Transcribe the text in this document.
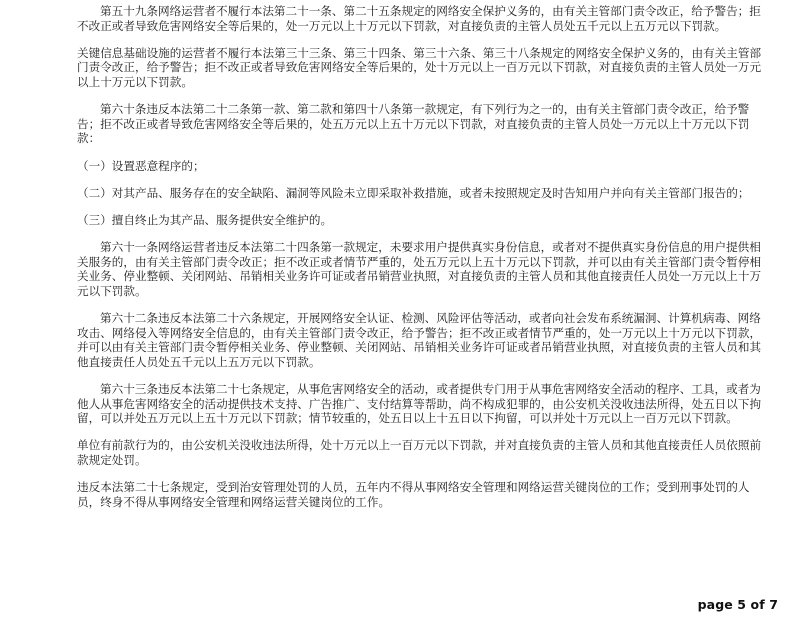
第五十九条网络运营者不履行本法第二十一条、第二十五条规定的网络安全保护义务的，由有关主管部门责令改正，给予警告；拒不改正或者导致危害网络安全等后果的，处一万元以上十万元以下罚款，对直接负责的主管人员处五千元以上五万元以下罚款。

关键信息基础设施的运营者不履行本法第三十三条、第三十四条、第三十六条、第三十八条规定的网络安全保护义务的，由有关主管部门责令改正，给予警告；拒不改正或者导致危害网络安全等后果的，处十万元以上一百万元以下罚款，对直接负责的主管人员处一万元以上十万元以下罚款。

第六十条违反本法第二十二条第一款、第二款和第四十八条第一款规定，有下列行为之一的，由有关主管部门责令改正，给予警告；拒不改正或者导致危害网络安全等后果的，处五万元以上五十万元以下罚款，对直接负责的主管人员处一万元以上十万元以下罚款：

（一）设置恶意程序的；

（二）对其产品、服务存在的安全缺陷、漏洞等风险未立即采取补救措施，或者未按照规定及时告知用户并向有关主管部门报告的；

（三）擅自终止为其产品、服务提供安全维护的。

第六十一条网络运营者违反本法第二十四条第一款规定，未要求用户提供真实身份信息，或者对不提供真实身份信息的用户提供相关服务的，由有关主管部门责令改正；拒不改正或者情节严重的，处五万元以上五十万元以下罚款，并可以由有关主管部门责令暂停相关业务、停业整顿、关闭网站、吊销相关业务许可证或者吊销营业执照，对直接负责的主管人员和其他直接责任人员处一万元以上十万元以下罚款。

第六十二条违反本法第二十六条规定，开展网络安全认证、检测、风险评估等活动，或者向社会发布系统漏洞、计算机病毒、网络攻击、网络侵入等网络安全信息的，由有关主管部门责令改正，给予警告；拒不改正或者情节严重的，处一万元以上十万元以下罚款，并可以由有关主管部门责令暂停相关业务、停业整顿、关闭网站、吊销相关业务许可证或者吊销营业执照，对直接负责的主管人员和其他直接责任人员处五千元以上五万元以下罚款。

第六十三条违反本法第二十七条规定，从事危害网络安全的活动，或者提供专门用于从事危害网络安全活动的程序、工具，或者为他人从事危害网络安全的活动提供技术支持、广告推广、支付结算等帮助，尚不构成犯罪的，由公安机关没收违法所得，处五日以下拘留，可以并处五万元以上五十万元以下罚款；情节较重的，处五日以上十五日以下拘留，可以并处十万元以上一百万元以下罚款。

单位有前款行为的，由公安机关没收违法所得，处十万元以上一百万元以下罚款，并对直接负责的主管人员和其他直接责任人员依照前款规定处罚。

违反本法第二十七条规定，受到治安管理处罚的人员，五年内不得从事网络安全管理和网络运营关键岗位的工作；受到刑事处罚的人员，终身不得从事网络安全管理和网络运营关键岗位的工作。

page 5 of 7
